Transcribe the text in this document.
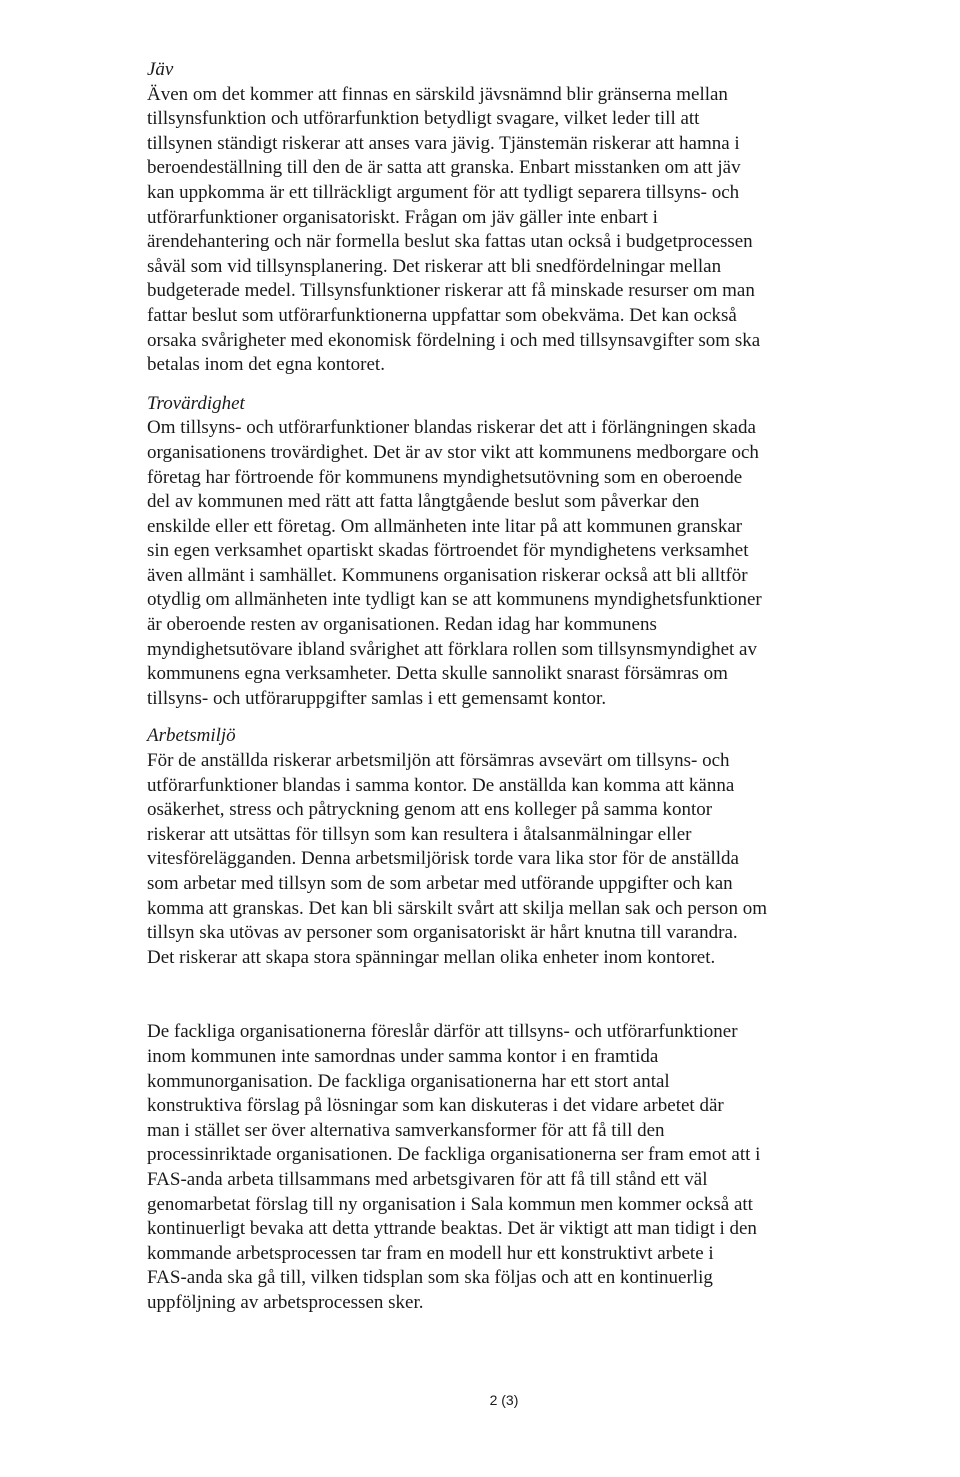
Jäv

Även om det kommer att finnas en särskild jävsnämnd blir gränserna mellan
tillsynsfunktion och utförarfunktion betydligt svagare, vilket leder till att
tillsynen ständigt riskerar att anses vara jävig. Tjänstemän riskerar att hamna i
beroendeställning till den de är satta att granska. Enbart misstanken om att jäv
kan uppkomma är ett tillräckligt argument för att tydligt separera tillsyns- och
utförarfunktioner organisatoriskt. Frågan om jäv gäller inte enbart i
ärendehantering och när formella beslut ska fattas utan också i budgetprocessen
såväl som vid tillsynsplanering. Det riskerar att bli snedfördelningar mellan
budgeterade medel. Tillsynsfunktioner riskerar att få minskade resurser om man
fattar beslut som utförarfunktionerna uppfattar som obekväma. Det kan också
orsaka svårigheter med ekonomisk fördelning i och med tillsynsavgifter som ska
betalas inom det egna kontoret.

Trovärdighet

Om tillsyns- och utförarfunktioner blandas riskerar det att i förlängningen skada
organisationens trovärdighet. Det är av stor vikt att kommunens medborgare och
företag har förtroende för kommunens myndighetsutövning som en oberoende
del av kommunen med rätt att fatta långtgående beslut som påverkar den
enskilde eller ett företag. Om allmänheten inte litar på att kommunen granskar
sin egen verksamhet opartiskt skadas förtroendet för myndighetens verksamhet
även allmänt i samhället. Kommunens organisation riskerar också att bli alltför
otydlig om allmänheten inte tydligt kan se att kommunens myndighetsfunktioner
är oberoende resten av organisationen. Redan idag har kommunens
myndighetsutövare ibland svårighet att förklara rollen som tillsynsmyndighet av
kommunens egna verksamheter. Detta skulle sannolikt snarast försämras om
tillsyns- och utföraruppgifter samlas i ett gemensamt kontor.

Arbetsmiljö

För de anställda riskerar arbetsmiljön att försämras avsevärt om tillsyns- och
utförarfunktioner blandas i samma kontor. De anställda kan komma att känna
osäkerhet, stress och påtryckning genom att ens kolleger på samma kontor
riskerar att utsättas för tillsyn som kan resultera i åtalsanmälningar eller
vitesförelägganden. Denna arbetsmiljörisk torde vara lika stor för de anställda
som arbetar med tillsyn som de som arbetar med utförande uppgifter och kan
komma att granskas. Det kan bli särskilt svårt att skilja mellan sak och person om
tillsyn ska utövas av personer som organisatoriskt är hårt knutna till varandra.
Det riskerar att skapa stora spänningar mellan olika enheter inom kontoret.

De fackliga organisationerna föreslår därför att tillsyns- och utförarfunktioner
inom kommunen inte samordnas under samma kontor i en framtida
kommunorganisation. De fackliga organisationerna har ett stort antal
konstruktiva förslag på lösningar som kan diskuteras i det vidare arbetet där
man i stället ser över alternativa samverkansformer för att få till den
processinriktade organisationen. De fackliga organisationerna ser fram emot att i
FAS-anda arbeta tillsammans med arbetsgivaren för att få till stånd ett väl
genomarbetat förslag till ny organisation i Sala kommun men kommer också att
kontinuerligt bevaka att detta yttrande beaktas. Det är viktigt att man tidigt i den
kommande arbetsprocessen tar fram en modell hur ett konstruktivt arbete i
FAS-anda ska gå till, vilken tidsplan som ska följas och att en kontinuerlig
uppföljning av arbetsprocessen sker.

2 (3)
